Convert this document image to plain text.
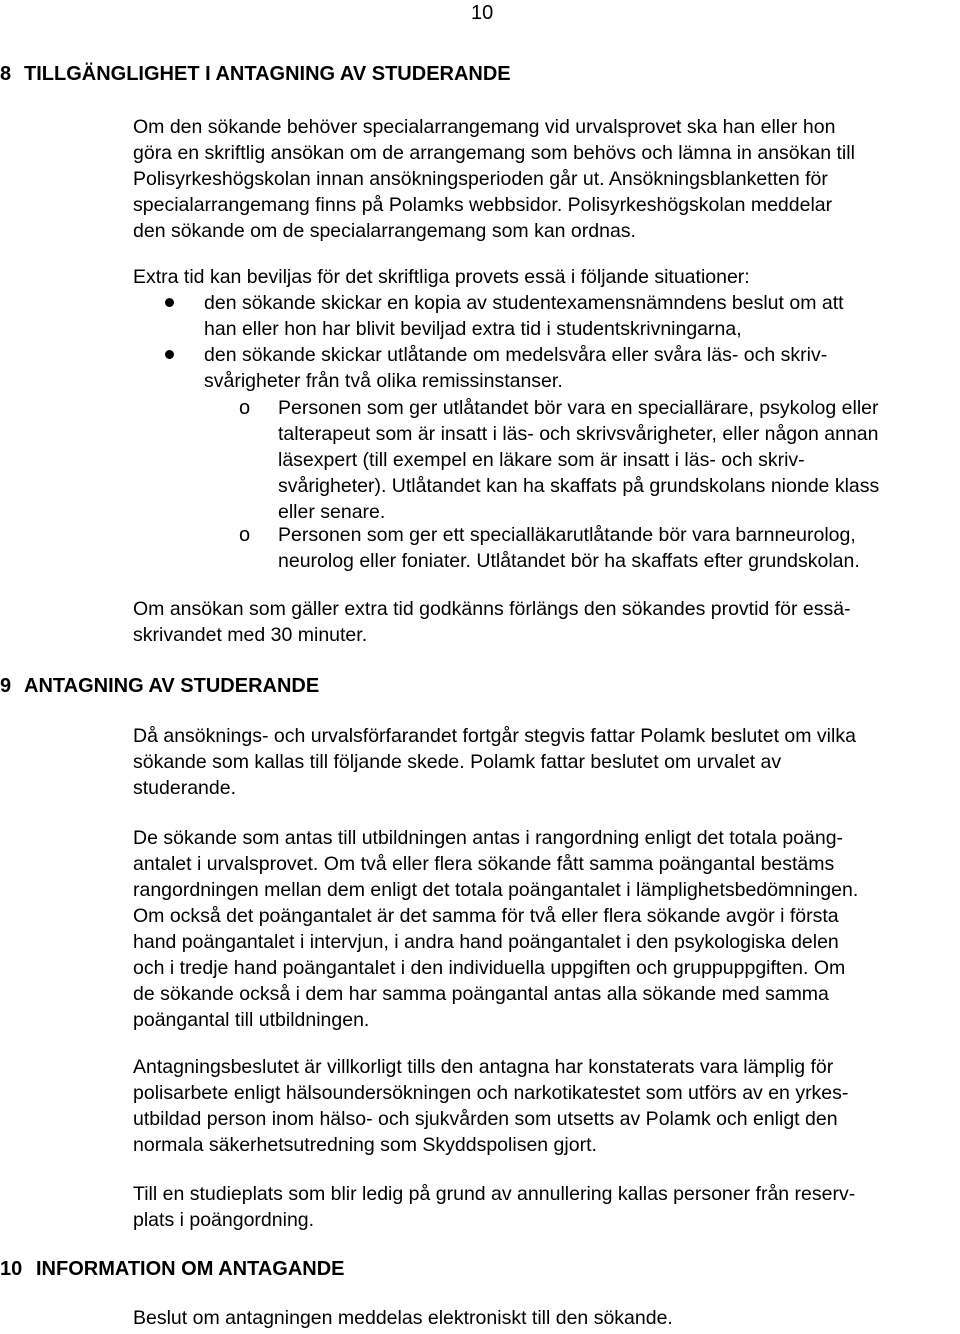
10
8 TILLGÄNGLIGHET I ANTAGNING AV STUDERANDE
Om den sökande behöver specialarrangemang vid urvalsprovet ska han eller hon
göra en skriftlig ansökan om de arrangemang som behövs och lämna in ansökan till
Polisyrkeshögskolan innan ansökningsperioden går ut. Ansökningsblanketten för
specialarrangemang finns på Polamks webbsidor. Polisyrkeshögskolan meddelar
den sökande om de specialarrangemang som kan ordnas.
Extra tid kan beviljas för det skriftliga provets essä i följande situationer:
den sökande skickar en kopia av studentexamensnämndens beslut om att
han eller hon har blivit beviljad extra tid i studentskrivningarna,
den sökande skickar utlåtande om medelsvåra eller svåra läs- och skriv-
svårigheter från två olika remissinstanser.
o Personen som ger utlåtandet bör vara en speciallärare, psykolog eller
talterapeut som är insatt i läs- och skrivsvårigheter, eller någon annan
läsexpert (till exempel en läkare som är insatt i läs- och skriv-
svårigheter). Utlåtandet kan ha skaffats på grundskolans nionde klass
eller senare.
o Personen som ger ett specialläkarutlåtande bör vara barnneurolog,
neurolog eller foniater. Utlåtandet bör ha skaffats efter grundskolan.
Om ansökan som gäller extra tid godkänns förlängs den sökandes provtid för essä-
skrivandet med 30 minuter.
9 ANTAGNING AV STUDERANDE
Då ansöknings- och urvalsförfarandet fortgår stegvis fattar Polamk beslutet om vilka
sökande som kallas till följande skede. Polamk fattar beslutet om urvalet av
studerande.
De sökande som antas till utbildningen antas i rangordning enligt det totala poäng-
antalet i urvalsprovet. Om två eller flera sökande fått samma poängantal bestäms
rangordningen mellan dem enligt det totala poängantalet i lämplighetsbedömningen.
Om också det poängantalet är det samma för två eller flera sökande avgör i första
hand poängantalet i intervjun, i andra hand poängantalet i den psykologiska delen
och i tredje hand poängantalet i den individuella uppgiften och gruppuppgiften. Om
de sökande också i dem har samma poängantal antas alla sökande med samma
poängantal till utbildningen.
Antagningsbeslutet är villkorligt tills den antagna har konstaterats vara lämplig för
polisarbete enligt hälsoundersökningen och narkotikatestet som utförs av en yrkes-
utbildad person inom hälso- och sjukvården som utsetts av Polamk och enligt den
normala säkerhetsutredning som Skyddspolisen gjort.
Till en studieplats som blir ledig på grund av annullering kallas personer från reserv-
plats i poängordning.
10 INFORMATION OM ANTAGANDE
Beslut om antagningen meddelas elektroniskt till den sökande.
